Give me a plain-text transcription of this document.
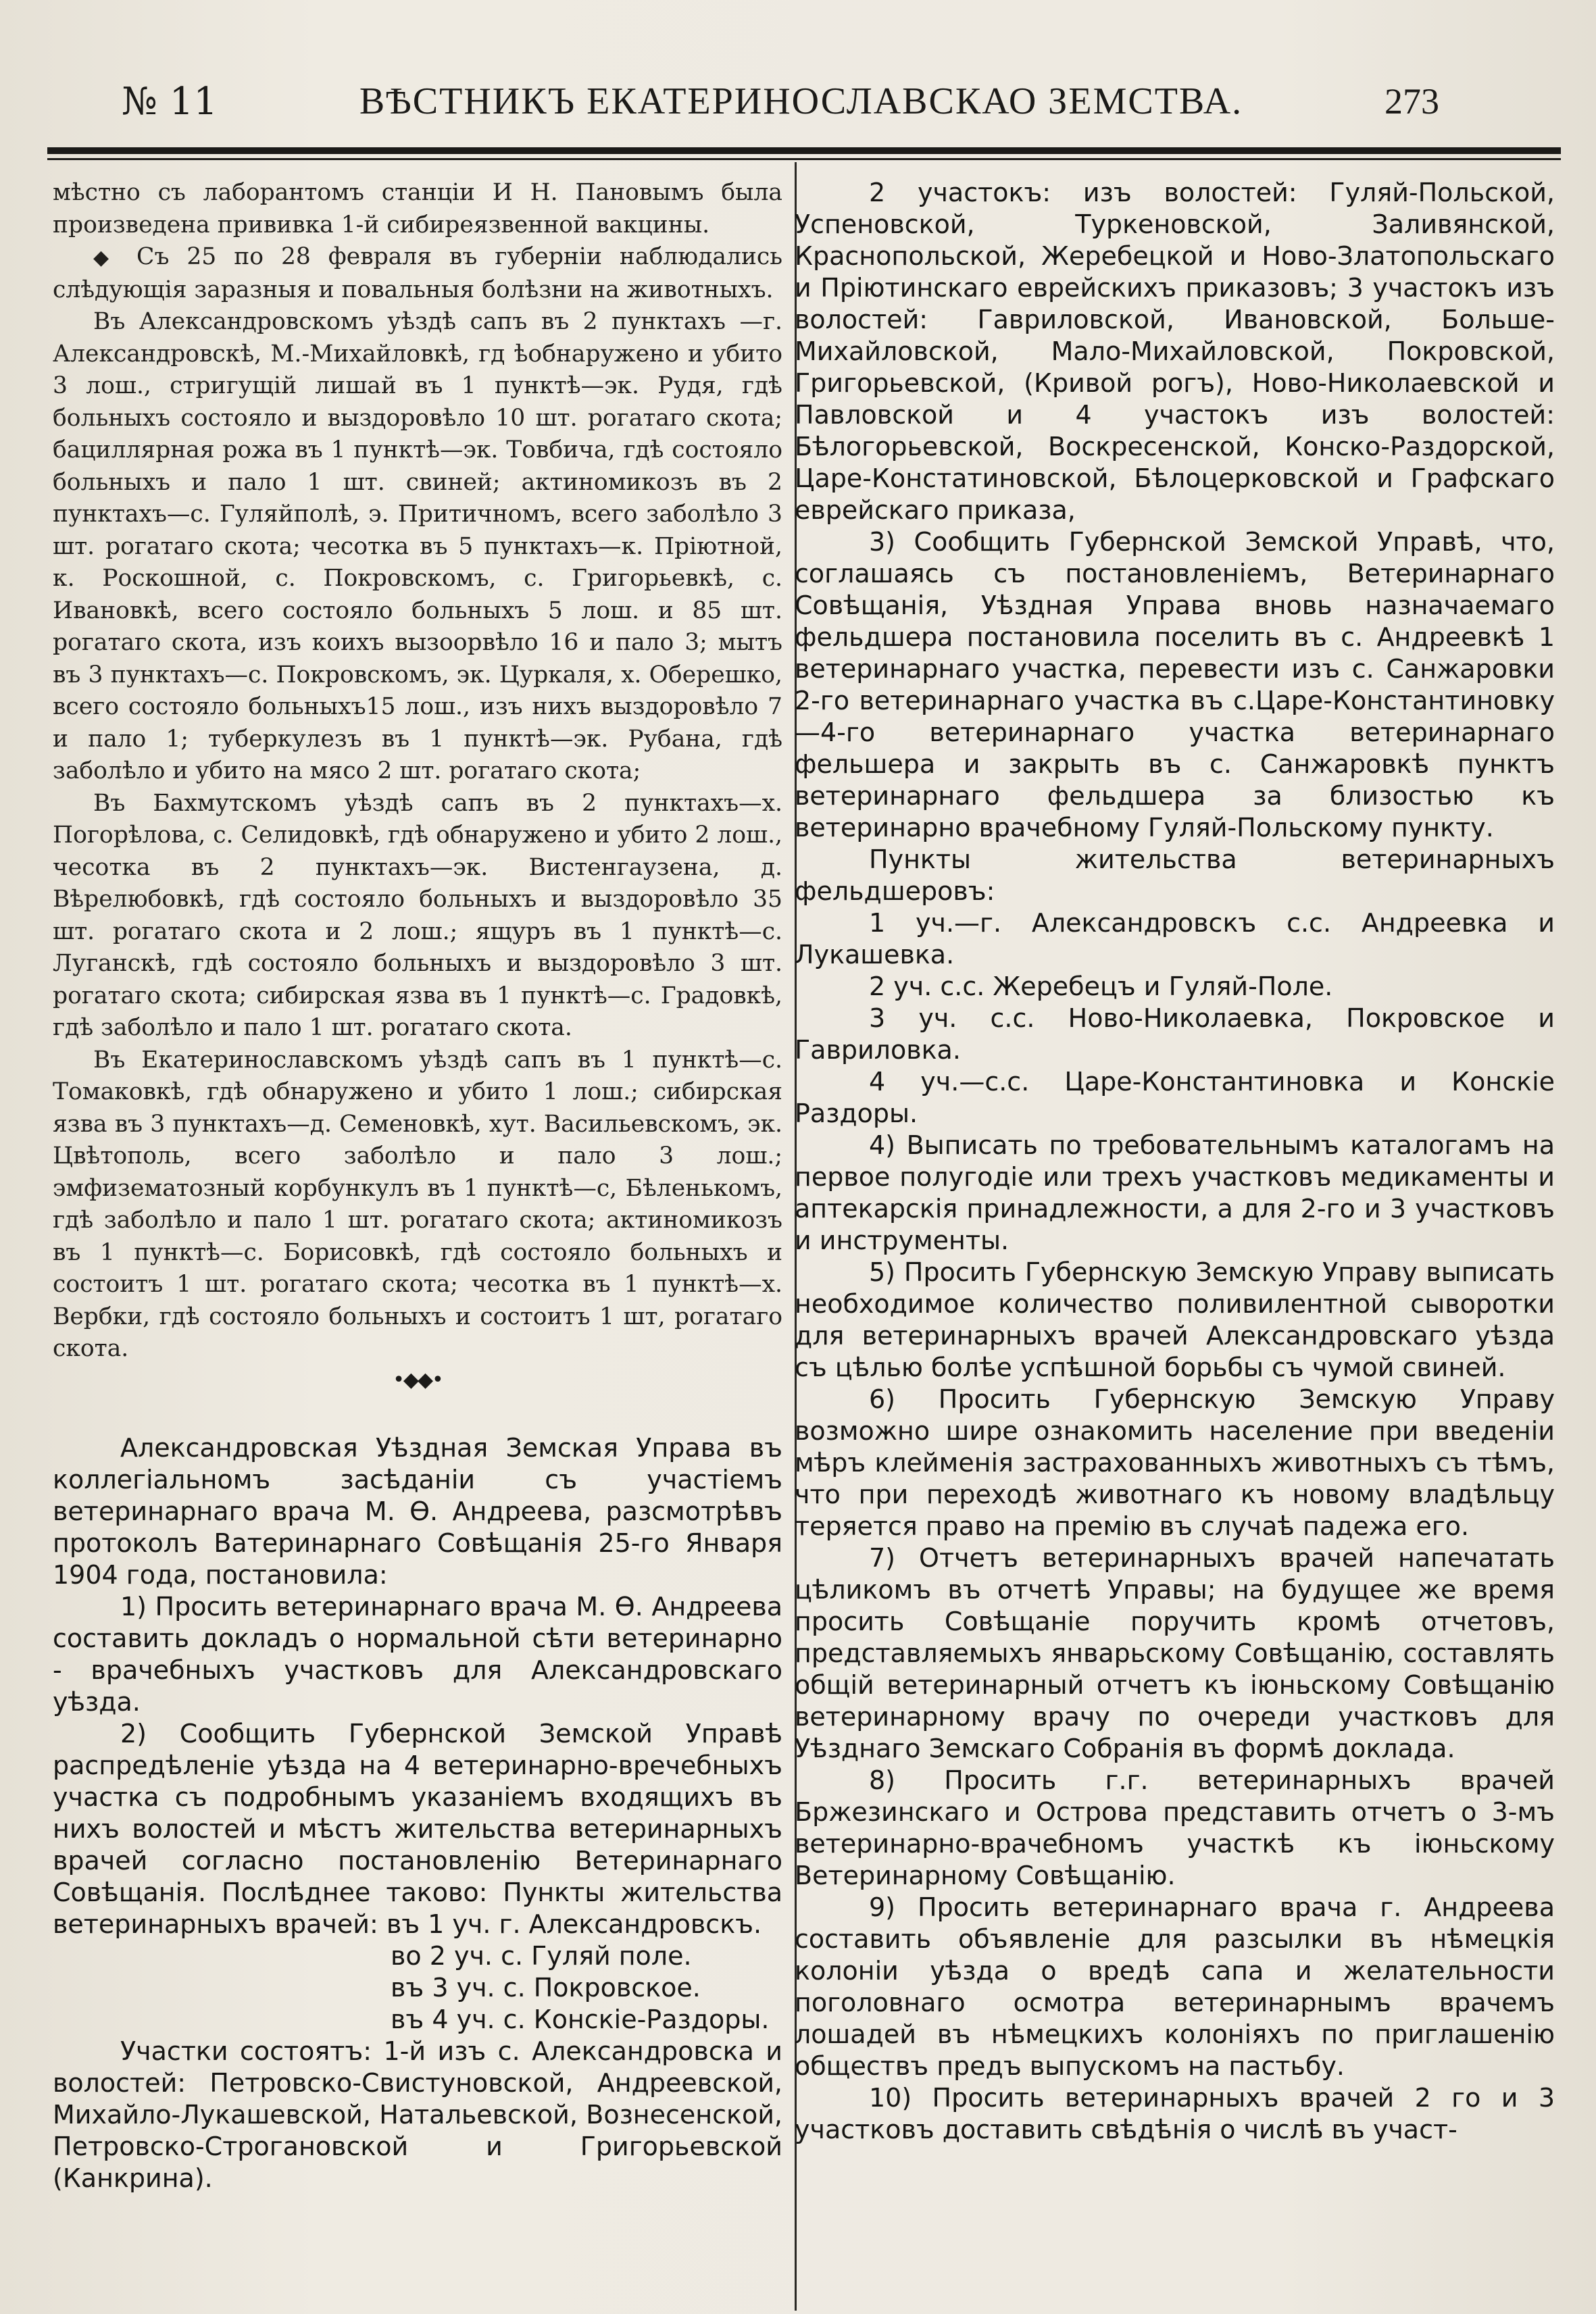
№ 11	ВѢСТНИКЪ ЕКАТЕРИНОСЛАВСКАО ЗЕМСТВА.	273

мѣстно съ лаборантомъ станціи И Н. Пановымъ была произведена прививка 1-й сибиреязвенной вакцины.

◆ Съ 25 по 28 февраля въ губерніи наблюдались слѣдующія заразныя и повальныя болѣзни на животныхъ.

Въ Александровскомъ уѣздѣ сапъ въ 2 пунктахъ —г. Александровскѣ, М.-Михайловкѣ, гд ѣобнаружено и убито 3 лош., стригущій лишай въ 1 пунктѣ—эк. Рудя, гдѣ больныхъ состояло и выздоровѣло 10 шт. рогатаго скота; бациллярная рожа въ 1 пунктѣ—эк. Товбича, гдѣ состояло больныхъ и пало 1 шт. свиней; актиномикозъ въ 2 пунктахъ—с. Гуляйполѣ, э. Притичномъ, всего заболѣло 3 шт. рогатаго скота; чесотка въ 5 пунктахъ—к. Пріютной, к. Роскошной, с. Покровскомъ, с. Григорьевкѣ, с. Ивановкѣ, всего состояло больныхъ 5 лош. и 85 шт. рогатаго скота, изъ коихъ вызоорвѣло 16 и пало 3; мытъ въ 3 пунктахъ—с. Покровскомъ, эк. Цуркаля, х. Оберешко, всего состояло больныхъ15 лош., изъ нихъ выздоровѣло 7 и пало 1; туберкулезъ въ 1 пунктѣ—эк. Рубана, гдѣ заболѣло и убито на мясо 2 шт. рогатаго скота;

Въ Бахмутскомъ уѣздѣ сапъ въ 2 пунктахъ—х. Погорѣлова, с. Селидовкѣ, гдѣ обнаружено и убито 2 лош., чесотка въ 2 пунктахъ—эк. Вистенгаузена, д. Вѣрелюбовкѣ, гдѣ состояло больныхъ и выздоровѣло 35 шт. рогатаго скота и 2 лош.; ящуръ въ 1 пунктѣ—с. Луганскѣ, гдѣ состояло больныхъ и выздоровѣло 3 шт. рогатаго скота; сибирская язва въ 1 пунктѣ—с. Градовкѣ, гдѣ заболѣло и пало 1 шт. рогатаго скота.

Въ Екатеринославскомъ уѣздѣ сапъ въ 1 пунктѣ—с. Томаковкѣ, гдѣ обнаружено и убито 1 лош.; сибирская язва въ 3 пунктахъ—д. Семеновкѣ, хут. Васильевскомъ, эк. Цвѣтополь, всего заболѣло и пало 3 лош.; эмфизематозный корбункулъ въ 1 пунктѣ—с, Бѣленькомъ, гдѣ заболѣло и пало 1 шт. рогатаго скота; актиномикозъ въ 1 пунктѣ—с. Борисовкѣ, гдѣ состояло больныхъ и состоитъ 1 шт. рогатаго скота; чесотка въ 1 пунктѣ—х. Вербки, гдѣ состояло больныхъ и состоитъ 1 шт, рогатаго скота.

•◆◆•

Александровская Уѣздная Земская Управа въ коллегіальномъ засѣданіи съ участіемъ ветеринарнаго врача М. Ѳ. Андреева, разсмотрѣвъ протоколъ Ватеринарнаго Совѣщанія 25-го Января 1904 года, постановила:

1) Просить ветеринарнаго врача М. Ѳ. Андреева составить докладъ о нормальной сѣти ветеринарно - врачебныхъ участковъ для Александровскаго уѣзда.

2) Сообщить Губернской Земской Управѣ распредѣленіе уѣзда на 4 ветеринарно-вречебныхъ участка съ подробнымъ указаніемъ входящихъ въ нихъ волостей и мѣстъ жительства ветеринарныхъ врачей согласно постановленію Ветеринарнаго Совѣщанія. Послѣднее таково: Пункты жительства ветеринарныхъ врачей: въ 1 уч. г. Александровскъ.

во 2 уч. с. Гуляй поле.

въ 3 уч. с. Покровское.

въ 4 уч. с. Конскіе-Раздоры.

Участки состоятъ: 1-й изъ с. Александровска и волостей: Петровско-Свистуновской, Андреевской, Михайло-Лукашевской, Натальевской, Вознесенской, Петровско-Строгановской и Григорьевской (Канкрина).

2 участокъ: изъ волостей: Гуляй-Польской, Успеновской, Туркеновской, Заливянской, Краснопольской, Жеребецкой и Ново-Златопольскаго и Пріютинскаго еврейскихъ приказовъ; 3 участокъ изъ волостей: Гавриловской, Ивановской, Больше-Михайловской, Мало-Михайловской, Покровской, Григорьевской, (Кривой рогъ), Ново-Николаевской и Павловской и 4 участокъ изъ волостей: Бѣлогорьевской, Воскресенской, Конско-Раздорской, Царе-Констатиновской, Бѣлоцерковской и Графскаго еврейскаго приказа,

3) Сообщить Губернской Земской Управѣ, что, соглашаясь съ постановленіемъ, Ветеринарнаго Совѣщанія, Уѣздная Управа вновь назначаемаго фельдшера постановила поселить въ с. Андреевкѣ 1 ветеринарнаго участка, перевести изъ с. Санжаровки 2-го ветеринарнаго участка въ с.Царе-Константиновку—4-го ветеринарнаго участка ветеринарнаго фельшера и закрыть въ с. Санжаровкѣ пунктъ ветеринарнаго фельдшера за близостью къ ветеринарно врачебному Гуляй-Польскому пункту.

Пункты жительства ветеринарныхъ фельдшеровъ:

1 уч.—г. Александровскъ с.с. Андреевка и Лукашевка.

2 уч. с.с. Жеребецъ и Гуляй-Поле.

3 уч. с.с. Ново-Николаевка, Покровское и Гавриловка.

4 уч.—с.с. Царе-Константиновка и Конскіе Раздоры.

4) Выписать по требовательнымъ каталогамъ на первое полугодіе или трехъ участковъ медикаменты и аптекарскія принадлежности, а для 2-го и 3 участковъ и инструменты.

5) Просить Губернскую Земскую Управу выписать необходимое количество поливилентной сыворотки для ветеринарныхъ врачей Александровскаго уѣзда съ цѣлью болѣе успѣшной борьбы съ чумой свиней.

6) Просить Губернскую Земскую Управу возможно шире ознакомить население при введеніи мѣръ клейменія застрахованныхъ животныхъ съ тѣмъ, что при переходѣ животнаго къ новому владѣльцу теряется право на премію въ случаѣ падежа его.

7) Отчетъ ветеринарныхъ врачей напечатать цѣликомъ въ отчетѣ Управы; на будущее же время просить Совѣщаніе поручить кромѣ отчетовъ, представляемыхъ январьскому Совѣщанію, составлять общій ветеринарный отчетъ къ іюньскому Совѣщанію ветеринарному врачу по очереди участковъ для Уѣзднаго Земскаго Собранія въ формѣ доклада.

8) Просить г.г. ветеринарныхъ врачей Бржезинскаго и Острова представить отчетъ о 3-мъ ветеринарно-врачебномъ участкѣ къ іюньскому Ветеринарному Совѣщанію.

9) Просить ветеринарнаго врача г. Андреева составить объявленіе для разсылки въ нѣмецкія колоніи уѣзда о вредѣ сапа и желательности поголовнаго осмотра ветеринарнымъ врачемъ лошадей въ нѣмецкихъ колоніяхъ по приглашенію обществъ предъ выпускомъ на пастьбу.

10) Просить ветеринарныхъ врачей 2 го и 3 участковъ доставить свѣдѣнія о числѣ въ участ-
